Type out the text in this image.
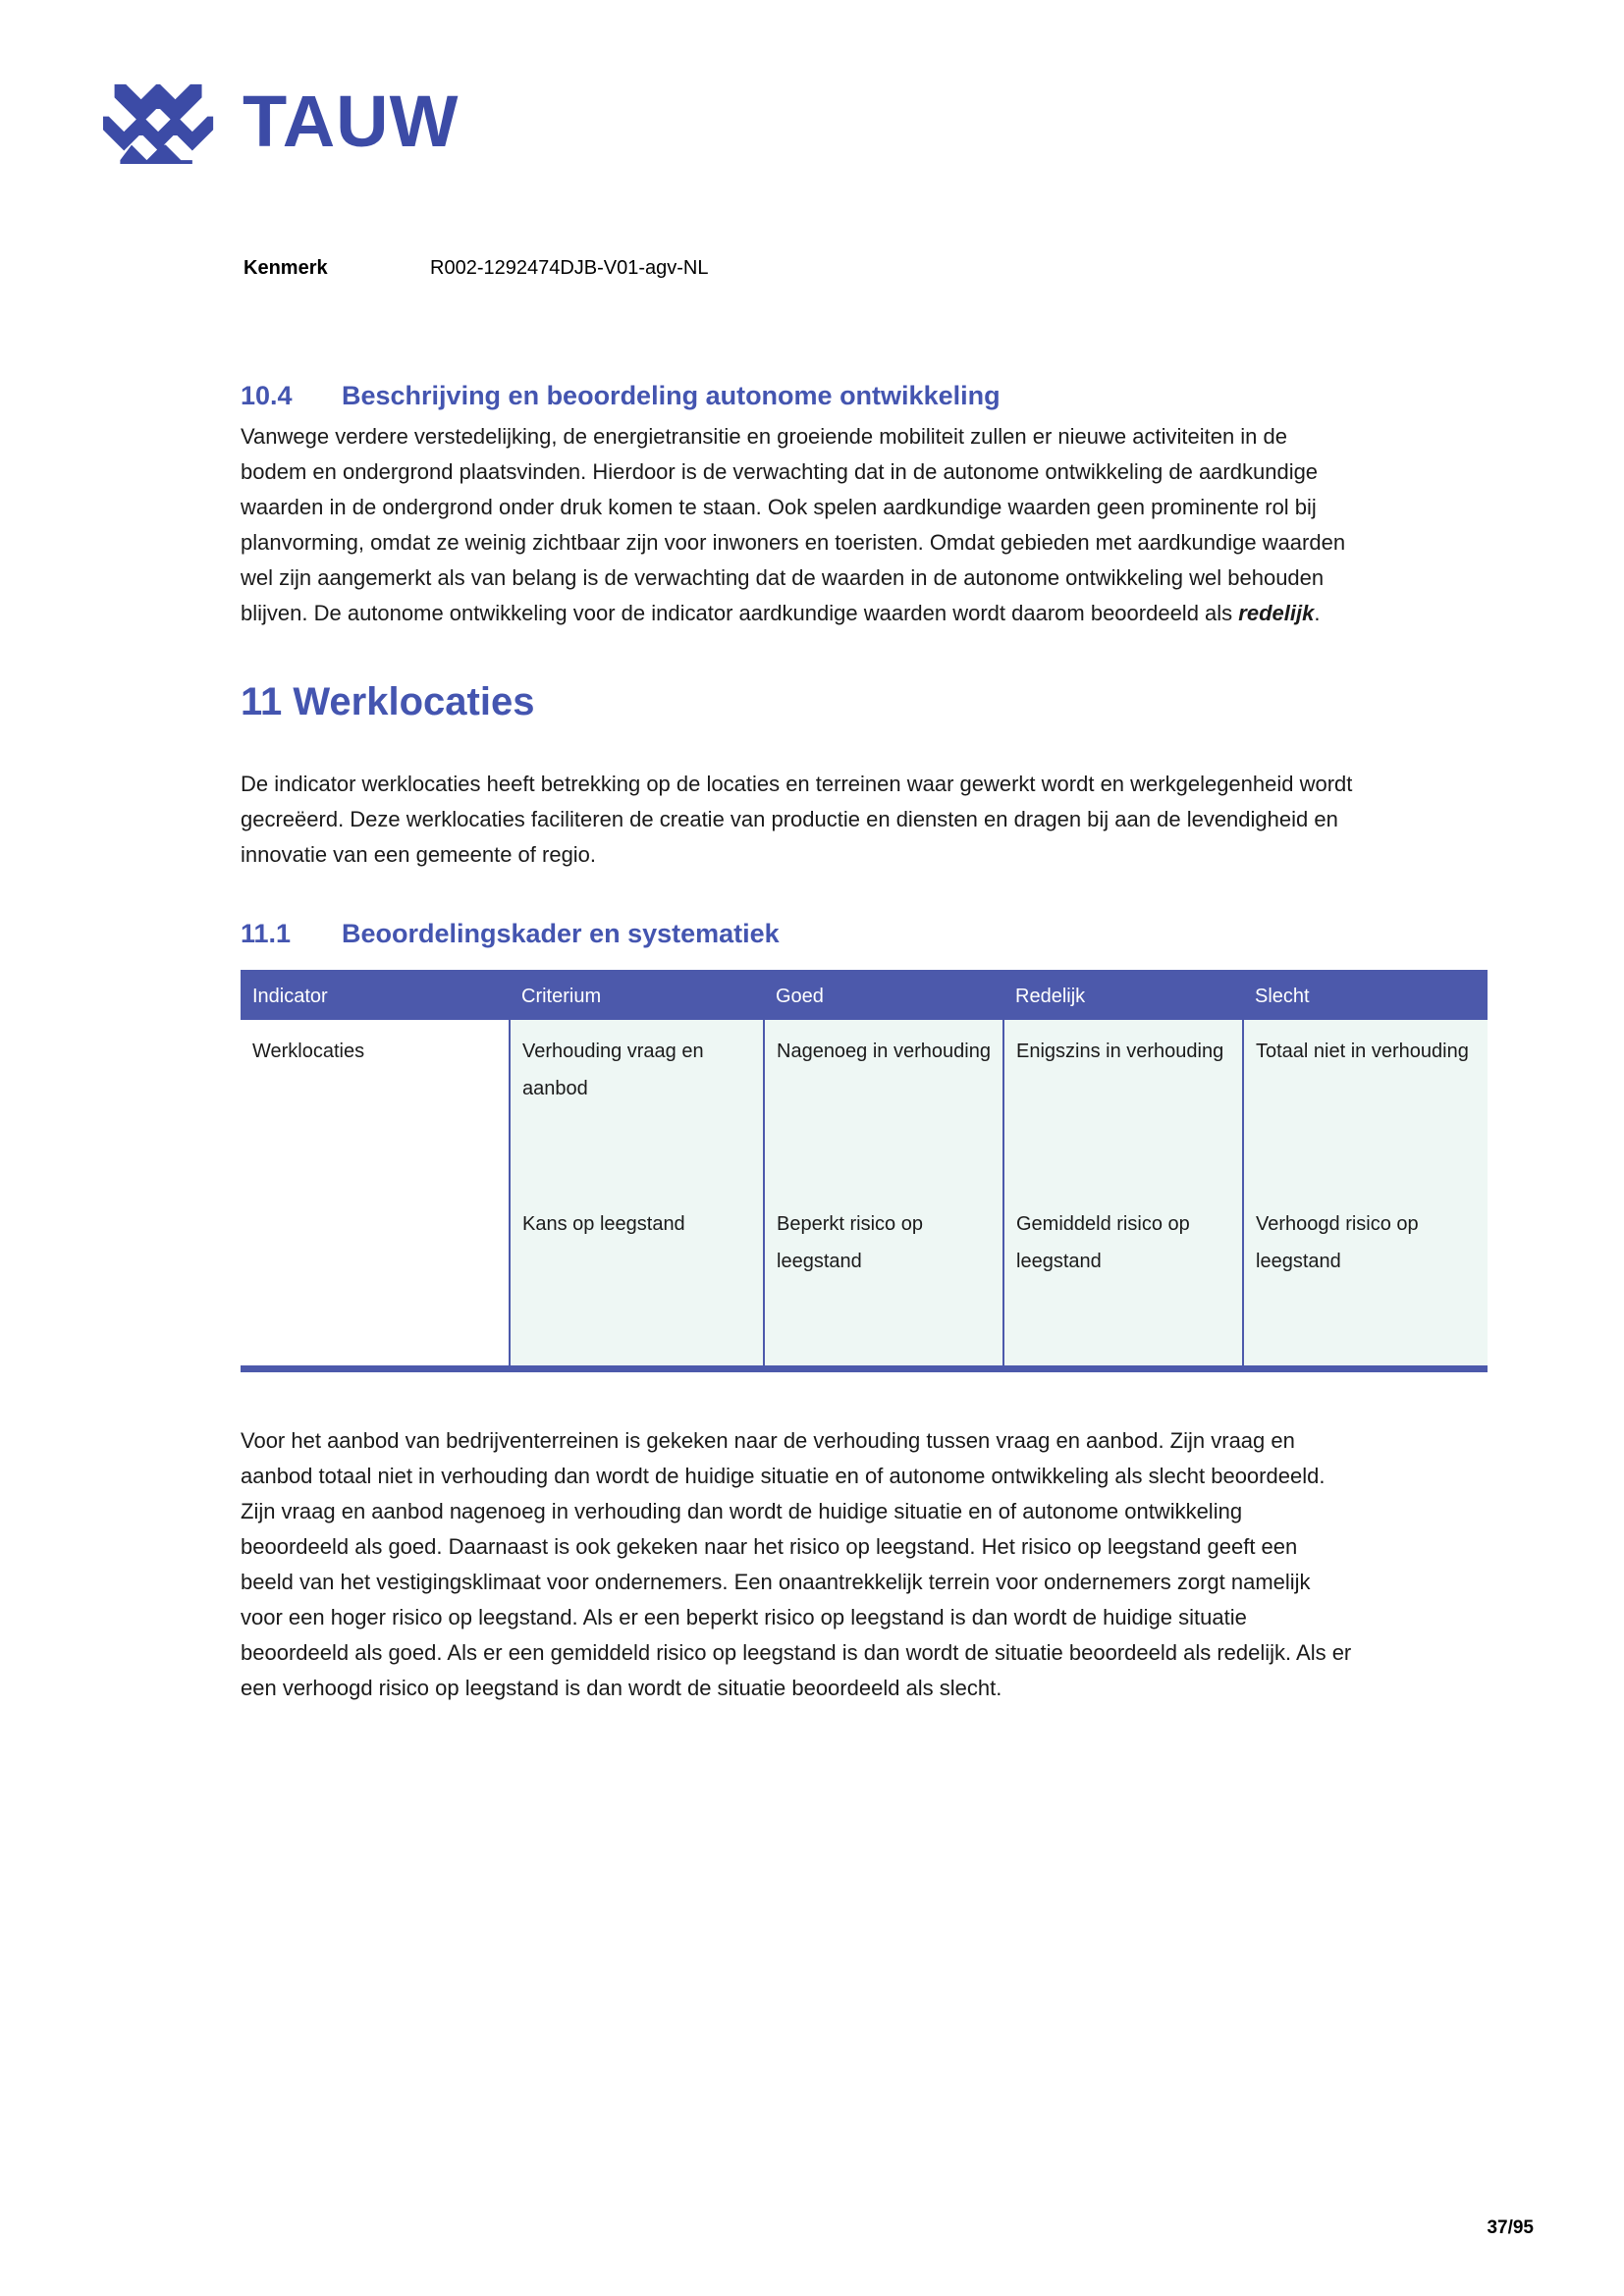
TAUW
Kenmerk	R002-1292474DJB-V01-agv-NL
10.4	Beschrijving en beoordeling autonome ontwikkeling

Vanwege verdere verstedelijking, de energietransitie en groeiende mobiliteit zullen er nieuwe activiteiten in de bodem en ondergrond plaatsvinden. Hierdoor is de verwachting dat in de autonome ontwikkeling de aardkundige waarden in de ondergrond onder druk komen te staan. Ook spelen aardkundige waarden geen prominente rol bij planvorming, omdat ze weinig zichtbaar zijn voor inwoners en toeristen. Omdat gebieden met aardkundige waarden wel zijn aangemerkt als van belang is de verwachting dat de waarden in de autonome ontwikkeling wel behouden blijven. De autonome ontwikkeling voor de indicator aardkundige waarden wordt daarom beoordeeld als redelijk.

11 Werklocaties

De indicator werklocaties heeft betrekking op de locaties en terreinen waar gewerkt wordt en werkgelegenheid wordt gecreëerd. Deze werklocaties faciliteren de creatie van productie en diensten en dragen bij aan de levendigheid en innovatie van een gemeente of regio.

11.1	Beoordelingskader en systematiek
Indicator	Criterium	Goed	Redelijk	Slecht
Werklocaties	Verhouding vraag en aanbod	Nagenoeg in verhouding	Enigszins in verhouding	Totaal niet in verhouding
	Kans op leegstand	Beperkt risico op leegstand	Gemiddeld risico op leegstand	Verhoogd risico op leegstand

Voor het aanbod van bedrijventerreinen is gekeken naar de verhouding tussen vraag en aanbod. Zijn vraag en aanbod totaal niet in verhouding dan wordt de huidige situatie en of autonome ontwikkeling als slecht beoordeeld. Zijn vraag en aanbod nagenoeg in verhouding dan wordt de huidige situatie en of autonome ontwikkeling beoordeeld als goed. Daarnaast is ook gekeken naar het risico op leegstand. Het risico op leegstand geeft een beeld van het vestigingsklimaat voor ondernemers. Een onaantrekkelijk terrein voor ondernemers zorgt namelijk voor een hoger risico op leegstand. Als er een beperkt risico op leegstand is dan wordt de huidige situatie beoordeeld als goed. Als er een gemiddeld risico op leegstand is dan wordt de situatie beoordeeld als redelijk. Als er een verhoogd risico op leegstand is dan wordt de situatie beoordeeld als slecht.

37/95
